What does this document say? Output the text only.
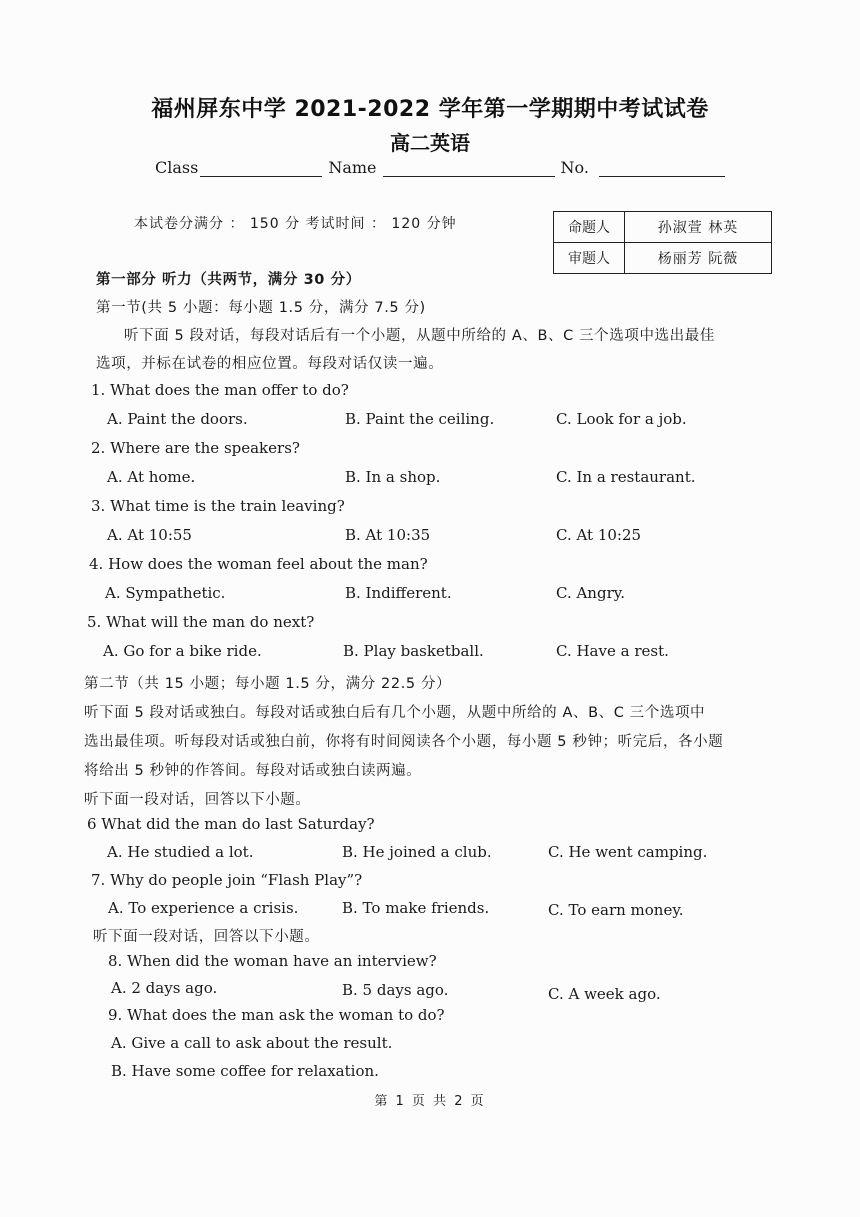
福州屏东中学 2021-2022 学年第一学期期中考试试卷
高二英语
Class	Name	No.
本试卷分满分 ： 150 分 考试时间 ： 120 分钟	命题人	孙淑萱 林英
审题人	杨丽芳 阮薇
第一部分 听力（共两节，满分 30 分）
第一节(共 5 小题：每小题 1.5 分，满分 7.5 分)
听下面 5 段对话，每段对话后有一个小题，从题中所给的 A、B、C 三个选项中选出最佳
选项，并标在试卷的相应位置。每段对话仅读一遍。
1. What does the man offer to do?
A. Paint the doors.	B. Paint the ceiling.	C. Look for a job.
2. Where are the speakers?
A. At home.	B. In a shop.	C. In a restaurant.
3. What time is the train leaving?
A. At 10:55	B. At 10:35	C. At 10:25
4. How does the woman feel about the man?
A. Sympathetic.	B. Indifferent.	C. Angry.
5. What will the man do next?
A. Go for a bike ride.	B. Play basketball.	C. Have a rest.
第二节（共 15 小题；每小题 1.5 分，满分 22.5 分）
听下面 5 段对话或独白。每段对话或独白后有几个小题，从题中所给的 A、B、C 三个选项中
选出最佳项。听每段对话或独白前，你将有时间阅读各个小题，每小题 5 秒钟；听完后，各小题
将给出 5 秒钟的作答间。每段对话或独白读两遍。
听下面一段对话，回答以下小题。
6 What did the man do last Saturday?
A. He studied a lot.	B. He joined a club.	C. He went camping.
7. Why do people join “Flash Play”?
A. To experience a crisis.	B. To make friends.	C. To earn money.
听下面一段对话，回答以下小题。
8. When did the woman have an interview?
A. 2 days ago.	B. 5 days ago.	C. A week ago.
9. What does the man ask the woman to do?
A. Give a call to ask about the result.
B. Have some coffee for relaxation.
第 1 页 共 2 页
